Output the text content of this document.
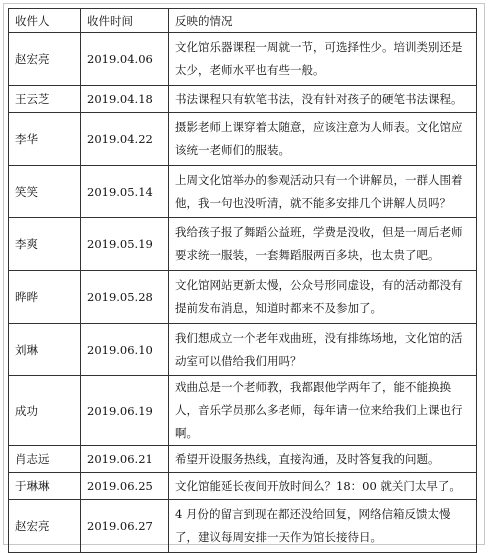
收件人	收件时间	反映的情况
赵宏亮	2019.04.06	文化馆乐器课程一周就一节，可选择性少。培训类别还是太少，老师水平也有些一般。
王云芝	2019.04.18	书法课程只有软笔书法，没有针对孩子的硬笔书法课程。
李华	2019.04.22	摄影老师上课穿着太随意，应该注意为人师表。文化馆应该统一老师们的服装。
笑笑	2019.05.14	上周文化馆举办的参观活动只有一个讲解员，一群人围着他，我一句也没听清，就不能多安排几个讲解人员吗？
李爽	2019.05.19	我给孩子报了舞蹈公益班，学费是没收，但是一周后老师要求统一服装，一套舞蹈服两百多块，也太贵了吧。
晔晔	2019.05.28	文化馆网站更新太慢，公众号形同虚设，有的活动都没有提前发布消息，知道时都来不及参加了。
刘琳	2019.06.10	我们想成立一个老年戏曲班，没有排练场地，文化馆的活动室可以借给我们用吗？
成功	2019.06.19	戏曲总是一个老师教，我都跟他学两年了，能不能换换人，音乐学员那么多老师，每年请一位来给我们上课也行啊。
肖志远	2019.06.21	希望开设服务热线，直接沟通，及时答复我的问题。
于琳琳	2019.06.25	文化馆能延长夜间开放时间么？18：00 就关门太早了。
赵宏亮	2019.06.27	4 月份的留言到现在都还没给回复，网络信箱反馈太慢了，建议每周安排一天作为馆长接待日。
